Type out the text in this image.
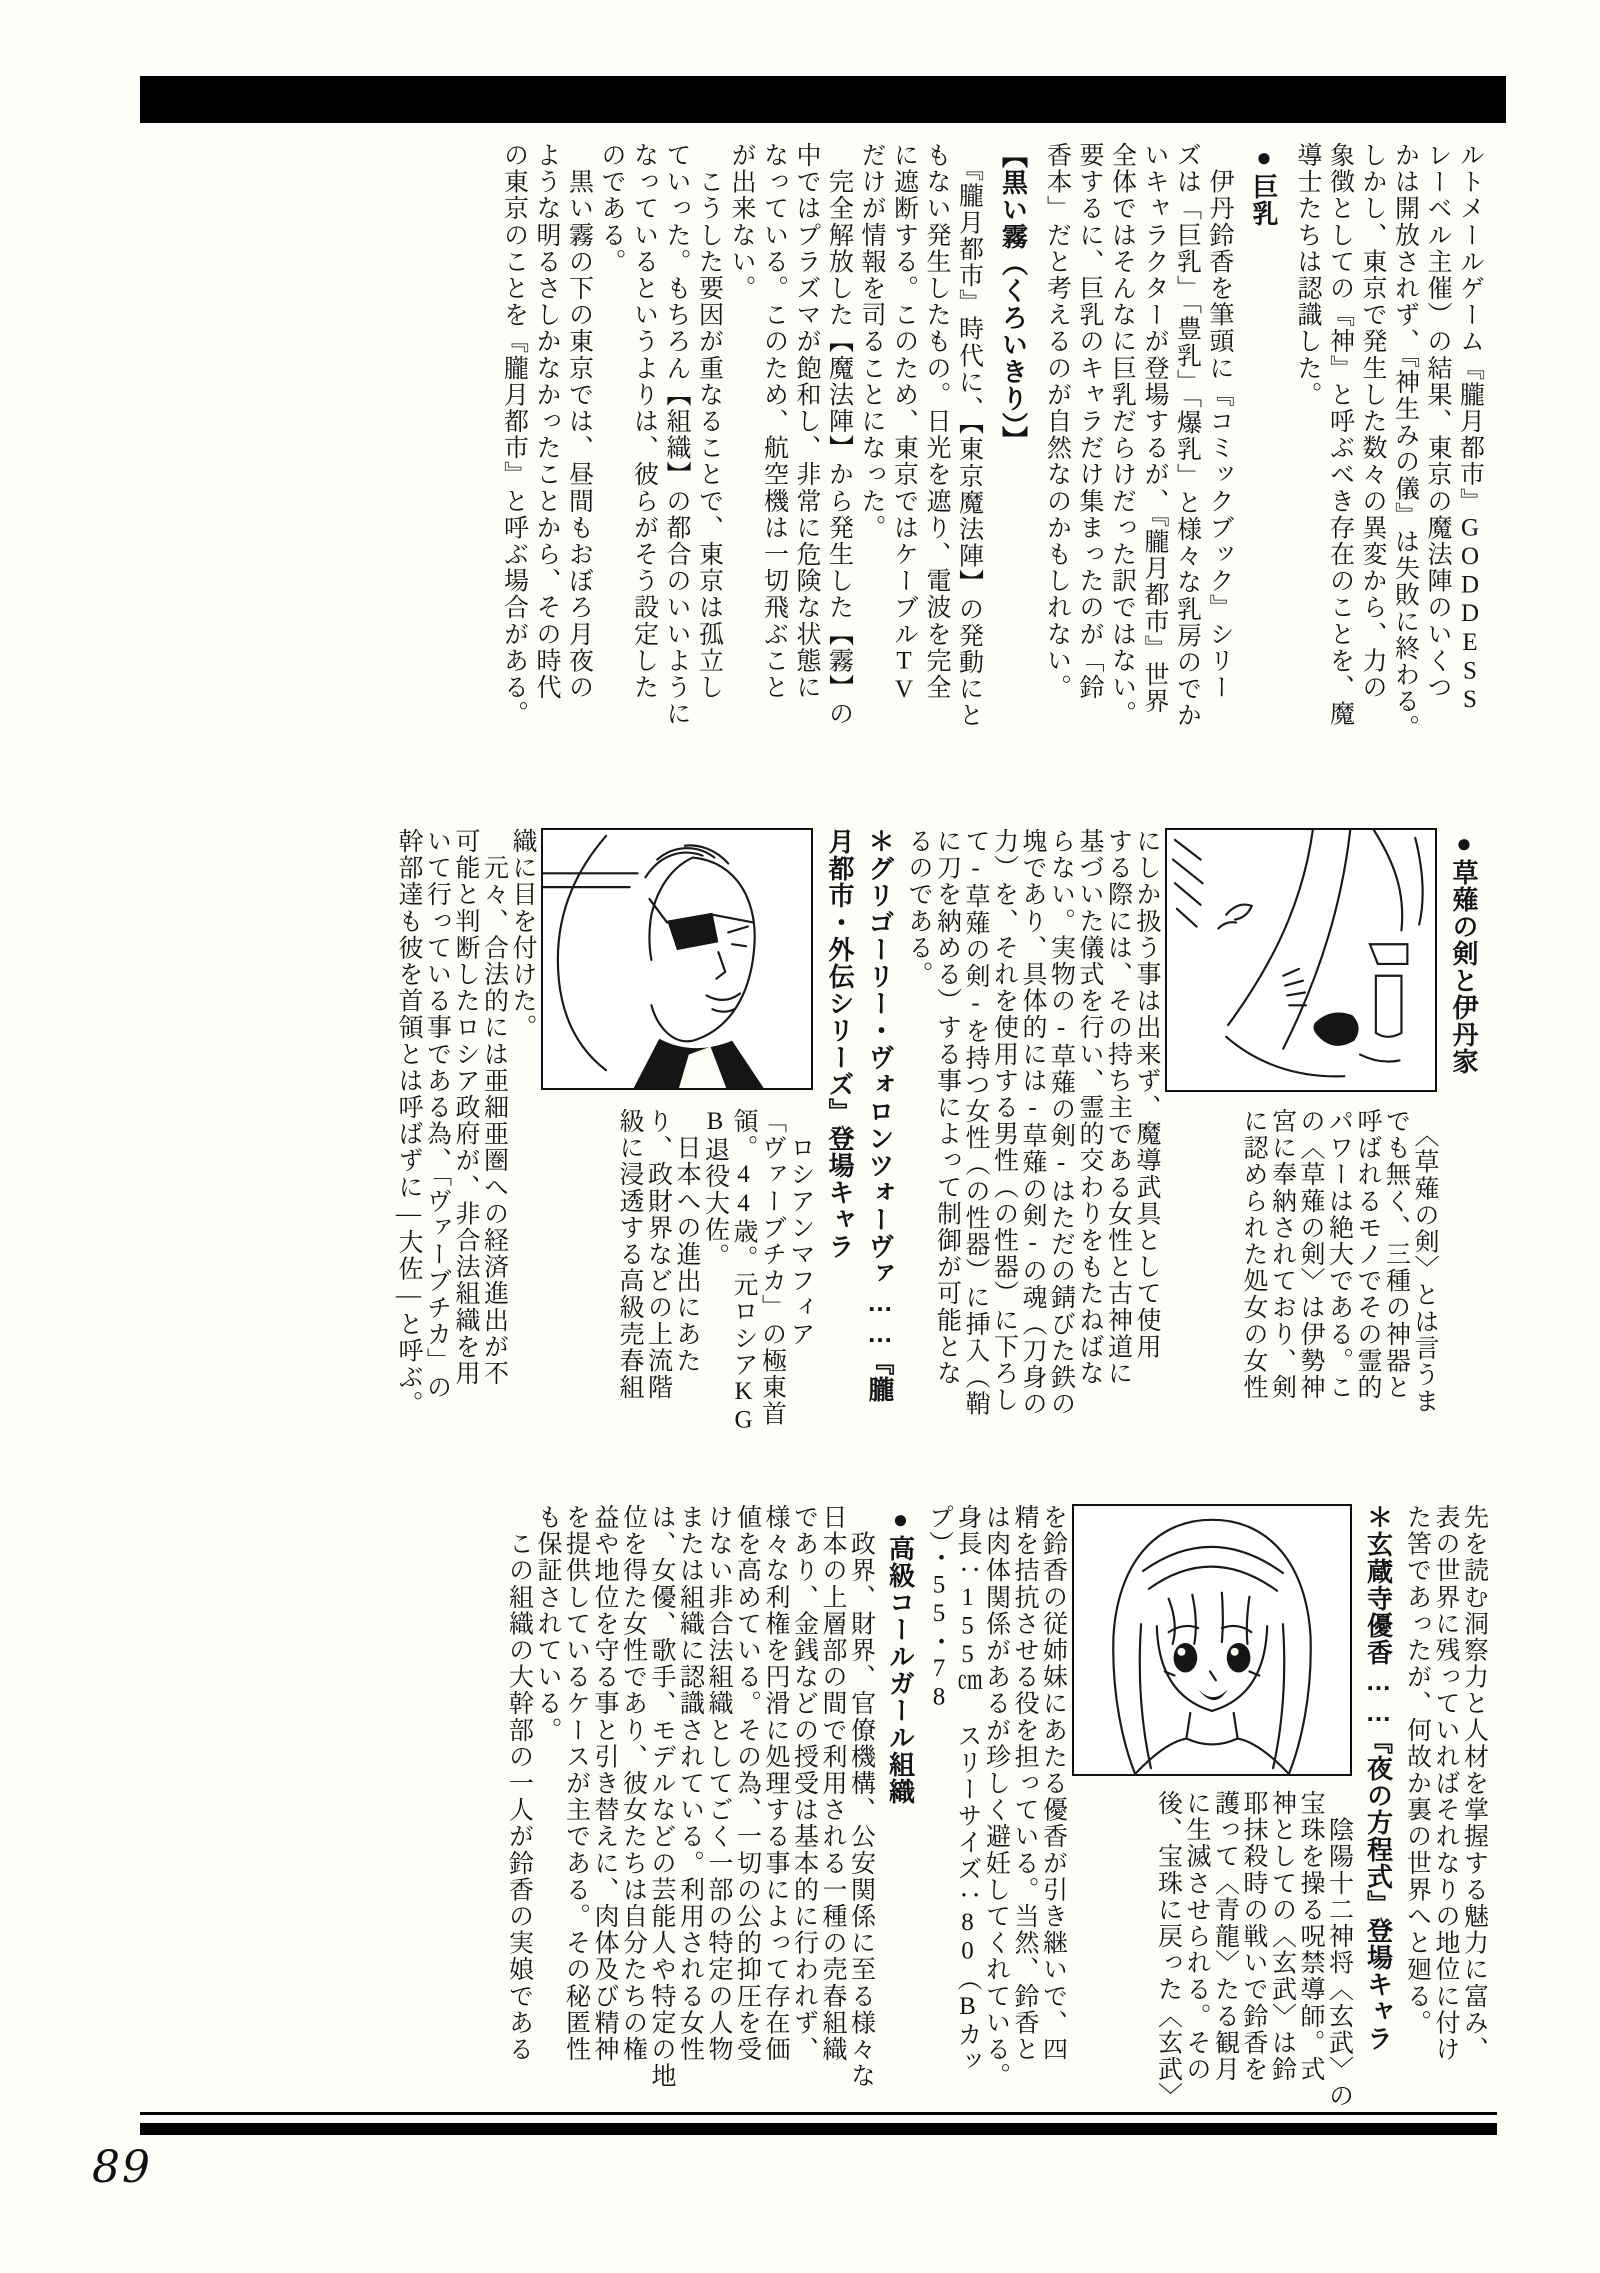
ルトメールゲーム『朧月都市』GODDESS

レーベル主催）の結果、東京の魔法陣のいくつ

かは開放されず、『神生みの儀』は失敗に終わる。

しかし、東京で発生した数々の異変から、力の

象徴としての『神』と呼ぶべき存在のことを、魔

導士たちは認識した。

●巨乳

　伊丹鈴香を筆頭に『コミックブック』シリー

ズは「巨乳」「豊乳」「爆乳」と様々な乳房のでか

いキャラクターが登場するが、『朧月都市』世界

全体ではそんなに巨乳だらけだった訳ではない。

要するに、巨乳のキャラだけ集まったのが「鈴

香本」だと考えるのが自然なのかもしれない。

【黒い霧（くろいきり）】

　『朧月都市』時代に、【東京魔法陣】の発動にと

もない発生したもの。日光を遮り、電波を完全

に遮断する。このため、東京ではケーブルTV

だけが情報を司ることになった。

　完全解放した【魔法陣】から発生した【霧】の

中ではプラズマが飽和し、非常に危険な状態に

なっている。このため、航空機は一切飛ぶこと

が出来ない。

　こうした要因が重なることで、東京は孤立し

ていった。もちろん【組織】の都合のいいように

なっているというよりは、彼らがそう設定した

のである。

　黒い霧の下の東京では、昼間もおぼろ月夜の

ような明るさしかなかったことから、その時代

の東京のことを『朧月都市』と呼ぶ場合がある。

●草薙の剣と伊丹家

　〈草薙の剣〉とは言うま

でも無く、三種の神器と

呼ばれるモノでその霊的

パワーは絶大である。こ

の〈草薙の剣〉は伊勢神

宮に奉納されており、剣

に認められた処女の女性

にしか扱う事は出来ず、魔導武具として使用

する際には、その持ち主である女性と古神道に

基づいた儀式を行い、霊的交わりをもたねばな

らない。実物の‐草薙の剣‐はただの錆びた鉄の

塊であり、具体的には‐草薙の剣‐の魂（刀身の

力）を、それを使用する男性（の性器）に下ろし

て‐草薙の剣‐を持つ女性（の性器）に挿入（鞘

に刀を納める）する事によって制御が可能とな

るのである。

＊グリゴーリー・ヴォロンツォーヴァ……『朧

月都市・外伝シリーズ』登場キャラ

　ロシアンマフィア

「ヴァーブチカ」の極東首

領。44歳。元ロシアKG

B退役大佐。

　日本への進出にあた

り、政財界などの上流階

級に浸透する高級売春組

織に目を付けた。

　元々、合法的には亜細亜圏への経済進出が不

可能と判断したロシア政府が、非合法組織を用

いて行っている事である為、「ヴァーブチカ」の

幹部達も彼を首領とは呼ばずに―大佐―と呼ぶ。

先を読む洞察力と人材を掌握する魅力に富み、

表の世界に残っていればそれなりの地位に付け

た筈であったが、何故か裏の世界へと廻る。

＊玄蔵寺優香……『夜の方程式』登場キャラ

　陰陽十二神将〈玄武〉の

宝珠を操る呪禁導師。式

神としての〈玄武〉は鈴

耶抹殺時の戦いで鈴香を

護って〈青龍〉たる観月

に生滅させられる。その

後、宝珠に戻った〈玄武〉

を鈴香の従姉妹にあたる優香が引き継いで、四

精を拮抗させる役を担っている。当然、鈴香と

は肉体関係があるが珍しく避妊してくれている。

身長：155㎝　スリーサイズ：80（Bカッ

プ）・55・78

●高級コールガール組織

　政界、財界、官僚機構、公安関係に至る様々な

日本の上層部の間で利用される一種の売春組織

であり、金銭などの授受は基本的に行われず、

様々な利権を円滑に処理する事によって存在価

値を高めている。その為、一切の公的抑圧を受

けない非合法組織としてごく一部の特定の人物

または組織に認識されている。利用される女性

は、女優、歌手、モデルなどの芸能人や特定の地

位を得た女性であり、彼女たちは自分たちの権

益や地位を守る事と引き替えに、肉体及び精神

を提供しているケースが主である。その秘匿性

も保証されている。

　この組織の大幹部の一人が鈴香の実娘である

89
